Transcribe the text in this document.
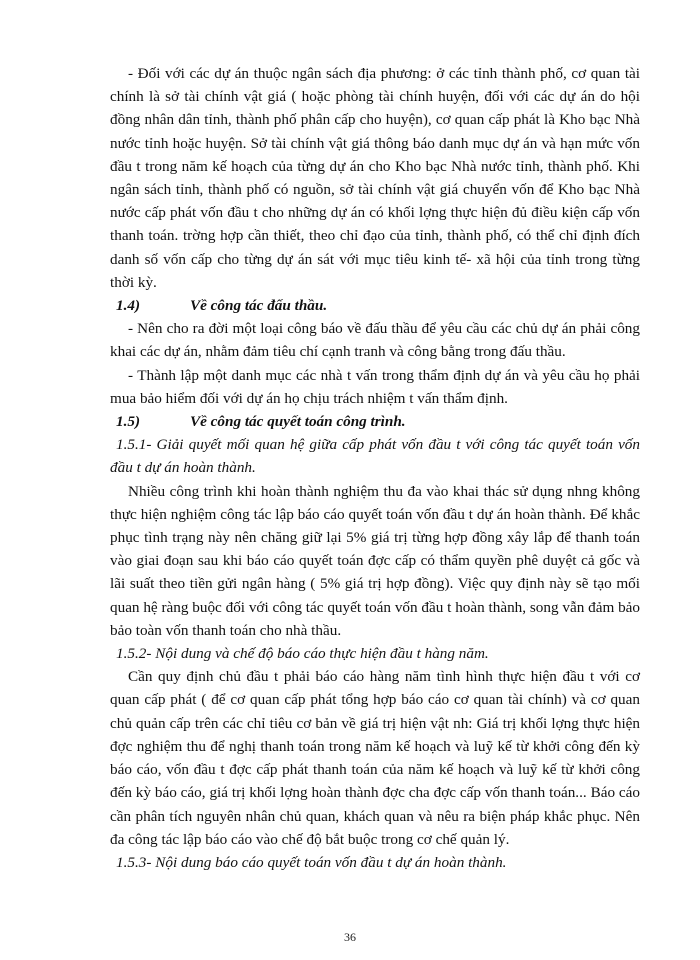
- Đối với các dự án thuộc ngân sách địa phương: ở các tỉnh thành phố, cơ quan tài chính là sở tài chính vật giá ( hoặc phòng tài chính huyện, đối với các dự án do hội đồng nhân dân tỉnh, thành phố phân cấp cho huyện), cơ quan cấp phát là Kho bạc Nhà nước tỉnh hoặc huyện. Sở tài chính vật giá thông báo danh mục dự án và hạn mức vốn đầu t trong năm kế hoạch của từng dự án cho Kho bạc Nhà nước tỉnh, thành phố. Khi ngân sách tỉnh, thành phố có nguồn, sở tài chính vật giá chuyển vốn để Kho bạc Nhà nước cấp phát vốn đầu t cho những dự án có khối lợng thực hiện đủ điều kiện cấp vốn thanh toán. trờng hợp cần thiết, theo chỉ đạo của tỉnh, thành phố, có thể chỉ định đích danh số vốn cấp cho từng dự án sát với mục tiêu kinh tế- xã hội của tỉnh trong từng thời kỳ.

1.4)	Về công tác đấu thầu.

- Nên cho ra đời một loại công báo về đấu thầu để yêu cầu các chủ dự án phải công khai các dự án, nhằm đảm tiêu chí cạnh tranh và công bằng trong đấu thầu.

- Thành lập một danh mục các nhà t vấn trong thẩm định dự án và yêu cầu họ phải mua bảo hiểm đối với dự án họ chịu trách nhiệm t vấn thẩm định.

1.5)	Về công tác quyết toán công trình.

1.5.1- Giải quyết mối quan hệ giữa cấp phát vốn đầu t với công tác quyết toán vốn đầu t dự án hoàn thành.

Nhiều công trình khi hoàn thành nghiệm thu đa vào khai thác sử dụng nhng không thực hiện nghiệm công tác lập báo cáo quyết toán vốn đầu t dự án hoàn thành. Để khắc phục tình trạng này nên chăng giữ lại 5% giá trị từng hợp đồng xây lắp để thanh toán vào giai đoạn sau khi báo cáo quyết toán đợc cấp có thẩm quyền phê duyệt cả gốc và lãi suất theo tiền gửi ngân hàng ( 5% giá trị hợp đồng). Việc quy định này sẽ tạo mối quan hệ ràng buộc đối với công tác quyết toán vốn đầu t hoàn thành, song vẫn đảm bảo bảo toàn vốn thanh toán cho nhà thầu.

1.5.2- Nội dung và chế độ báo cáo thực hiện đầu t hàng năm.

Cần quy định chủ đầu t phải báo cáo hàng năm tình hình thực hiện đầu t với cơ quan cấp phát ( để cơ quan cấp phát tổng hợp báo cáo cơ quan tài chính) và cơ quan chủ quản cấp trên các chỉ tiêu cơ bản về giá trị hiện vật nh: Giá trị khối lợng thực hiện đợc nghiệm thu để nghị thanh toán trong năm kế hoạch và luỹ kế từ khởi công đến kỳ báo cáo, vốn đầu t đợc cấp phát thanh toán của năm kế hoạch và luỹ kế từ khởi công đến kỳ báo cáo, giá trị khối lợng hoàn thành đợc cha đợc cấp vốn thanh toán... Báo cáo cần phân tích nguyên nhân chủ quan, khách quan và nêu ra biện pháp khắc phục. Nên đa công tác lập báo cáo vào chế độ bắt buộc trong cơ chế quản lý.

1.5.3- Nội dung báo cáo quyết toán vốn đầu t dự án hoàn thành.

36
